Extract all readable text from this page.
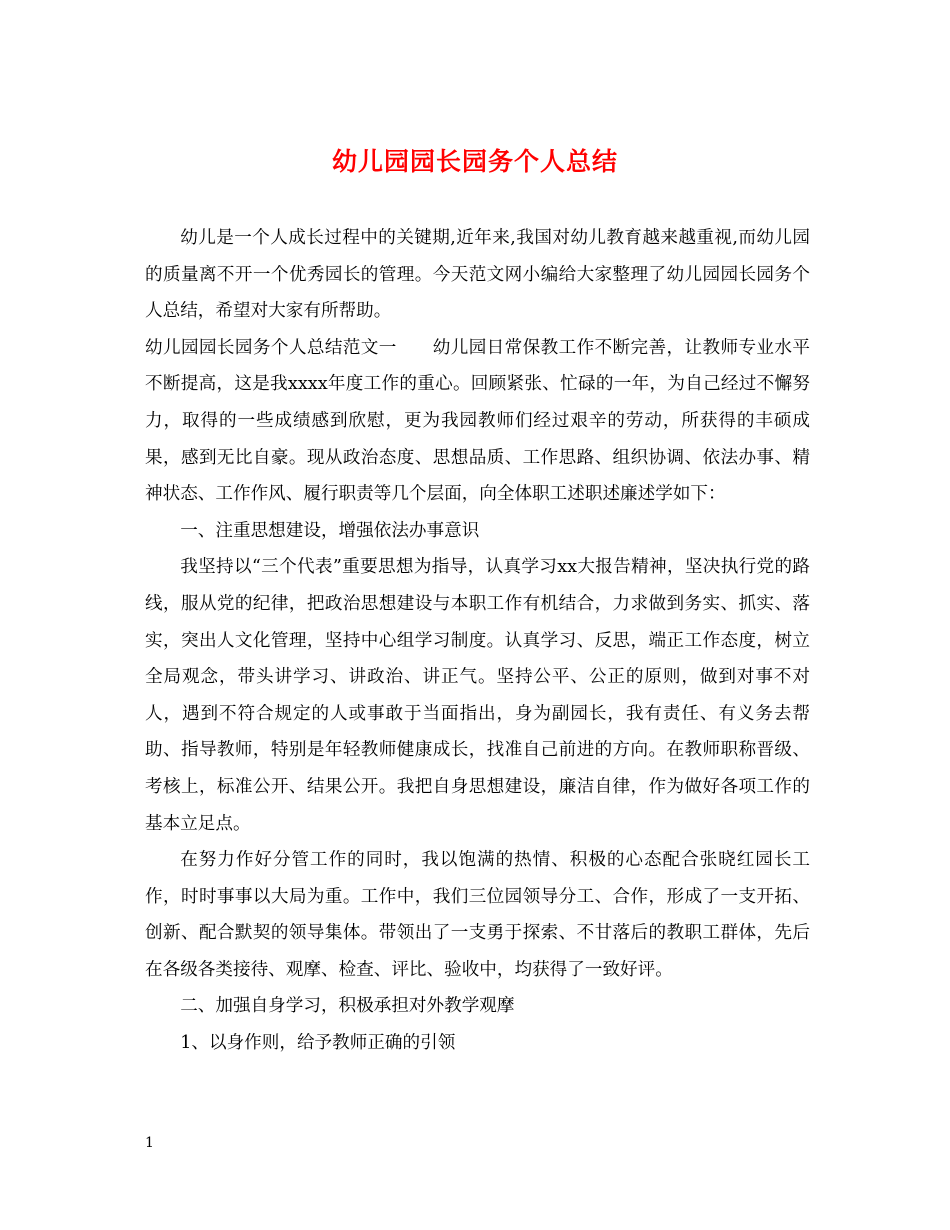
幼儿园园长园务个人总结

幼儿是一个人成长过程中的关键期,近年来,我国对幼儿教育越来越重视,而幼儿园的质量离不开一个优秀园长的管理。今天范文网小编给大家整理了幼儿园园长园务个人总结，希望对大家有所帮助。

幼儿园园长园务个人总结范文一　　幼儿园日常保教工作不断完善，让教师专业水平不断提高，这是我xxxx年度工作的重心。回顾紧张、忙碌的一年，为自己经过不懈努力，取得的一些成绩感到欣慰，更为我园教师们经过艰辛的劳动，所获得的丰硕成果，感到无比自豪。现从政治态度、思想品质、工作思路、组织协调、依法办事、精神状态、工作作风、履行职责等几个层面，向全体职工述职述廉述学如下：

一、注重思想建设，增强依法办事意识

我坚持以“三个代表”重要思想为指导，认真学习xx大报告精神，坚决执行党的路线，服从党的纪律，把政治思想建设与本职工作有机结合，力求做到务实、抓实、落实，突出人文化管理，坚持中心组学习制度。认真学习、反思，端正工作态度，树立全局观念，带头讲学习、讲政治、讲正气。坚持公平、公正的原则，做到对事不对人，遇到不符合规定的人或事敢于当面指出，身为副园长，我有责任、有义务去帮助、指导教师，特别是年轻教师健康成长，找准自己前进的方向。在教师职称晋级、考核上，标准公开、结果公开。我把自身思想建设，廉洁自律，作为做好各项工作的基本立足点。

在努力作好分管工作的同时，我以饱满的热情、积极的心态配合张晓红园长工作，时时事事以大局为重。工作中，我们三位园领导分工、合作，形成了一支开拓、创新、配合默契的领导集体。带领出了一支勇于探索、不甘落后的教职工群体，先后在各级各类接待、观摩、检查、评比、验收中，均获得了一致好评。

二、加强自身学习，积极承担对外教学观摩

1、以身作则，给予教师正确的引领

1
